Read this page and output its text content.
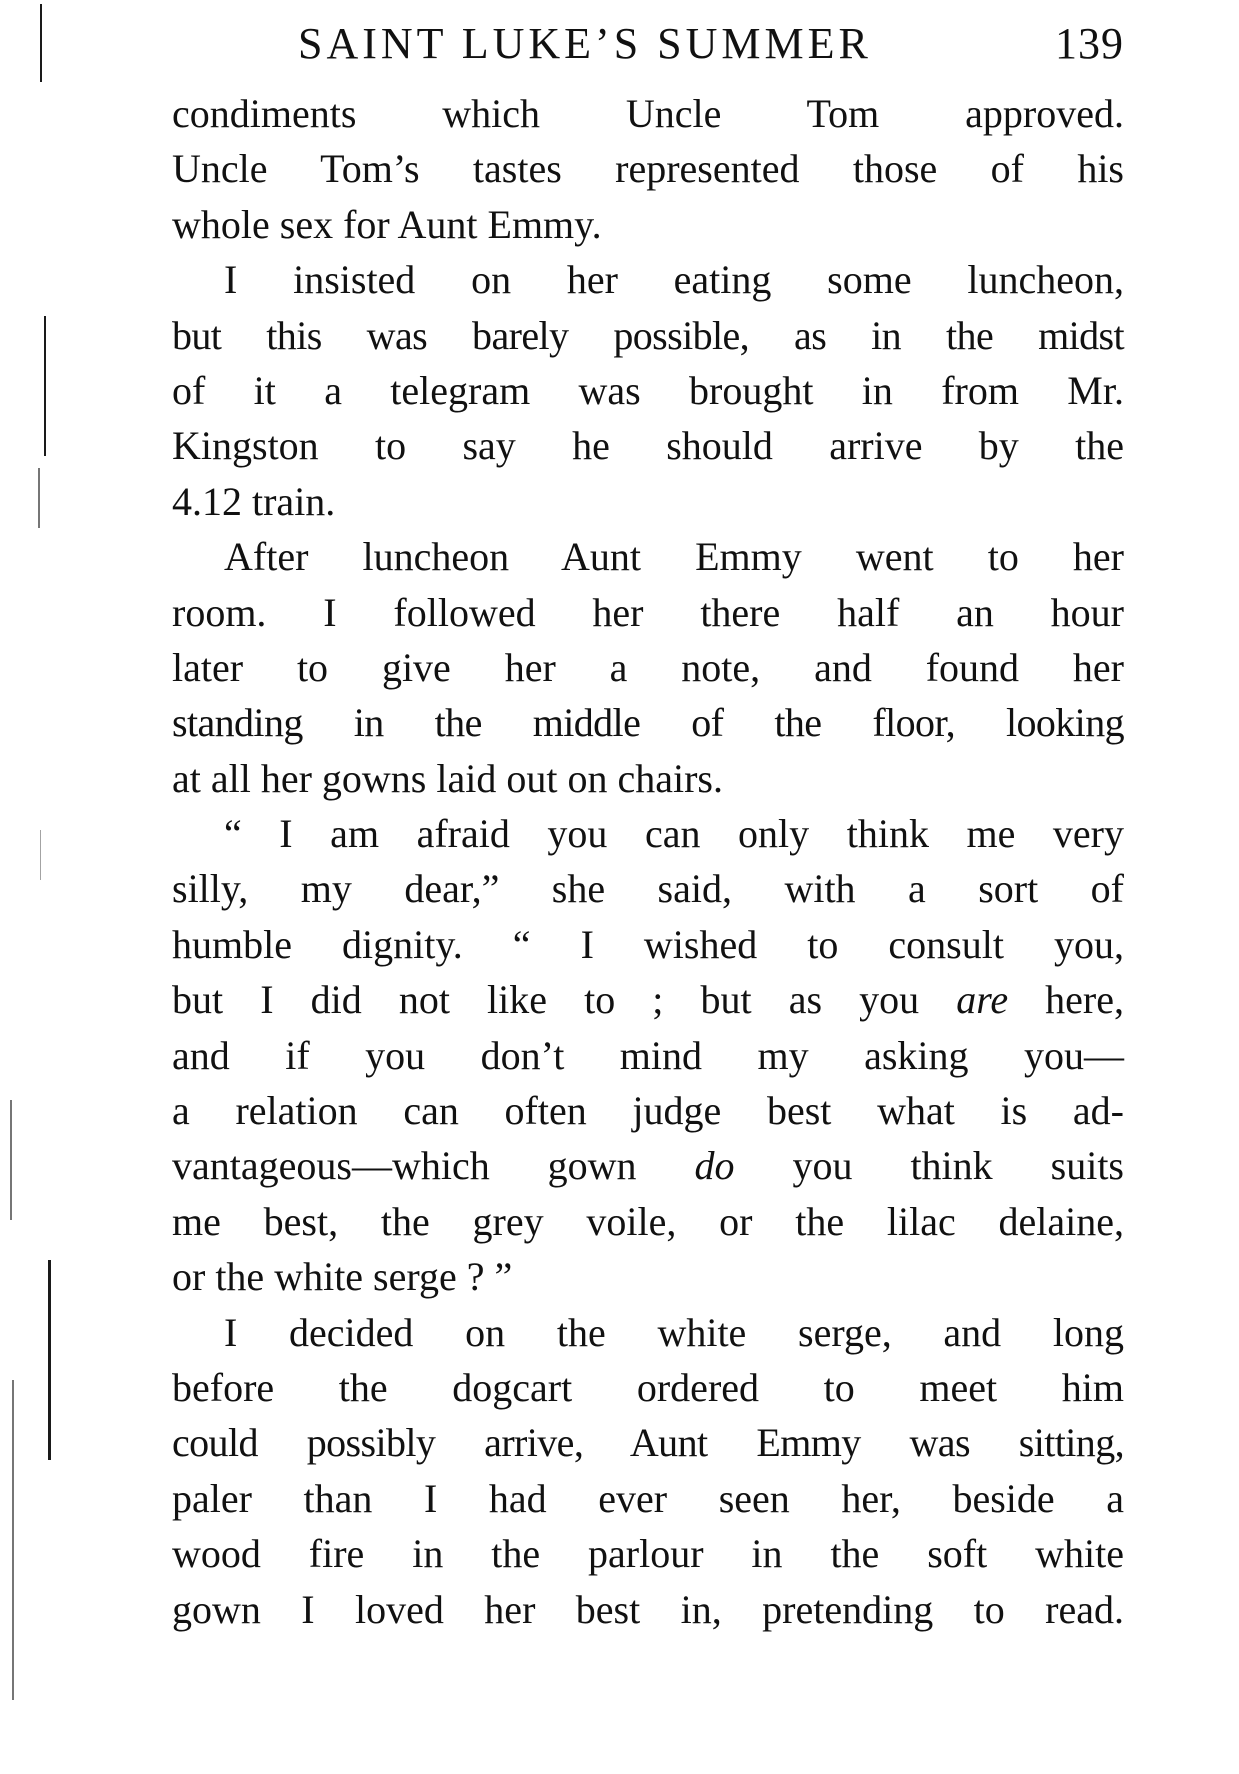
SAINT LUKE’S SUMMER	139
condiments which Uncle Tom approved.
Uncle Tom’s tastes represented those of his
whole sex for Aunt Emmy.
I insisted on her eating some luncheon,
but this was barely possible, as in the midst
of it a telegram was brought in from Mr.
Kingston to say he should arrive by the
4.12 train.
After luncheon Aunt Emmy went to her
room. I followed her there half an hour
later to give her a note, and found her
standing in the middle of the floor, looking
at all her gowns laid out on chairs.
“ I am afraid you can only think me very
silly, my dear,” she said, with a sort of
humble dignity. “ I wished to consult you,
but I did not like to ; but as you are here,
and if you don’t mind my asking you—
a relation can often judge best what is ad-
vantageous—which gown do you think suits
me best, the grey voile, or the lilac delaine,
or the white serge ? ”
I decided on the white serge, and long
before the dogcart ordered to meet him
could possibly arrive, Aunt Emmy was sitting,
paler than I had ever seen her, beside a
wood fire in the parlour in the soft white
gown I loved her best in, pretending to read.
